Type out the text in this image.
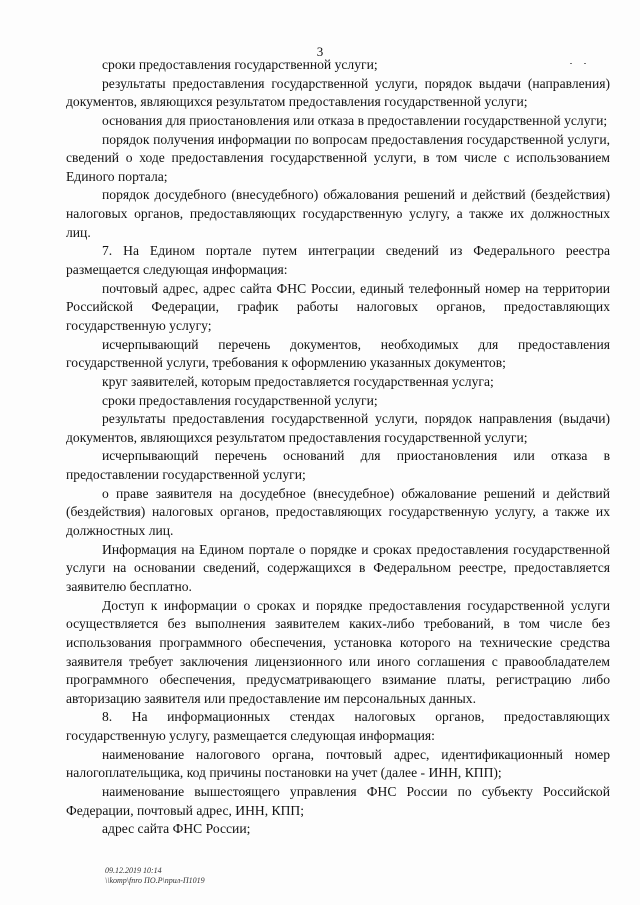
3

сроки предоставления государственной услуги;

результаты предоставления государственной услуги, порядок выдачи (направления) документов, являющихся результатом предоставления государственной услуги;

основания для приостановления или отказа в предоставлении государственной услуги;

порядок получения информации по вопросам предоставления государственной услуги, сведений о ходе предоставления государственной услуги, в том числе с использованием Единого портала;

порядок досудебного (внесудебного) обжалования решений и действий (бездействия) налоговых органов, предоставляющих государственную услугу, а также их должностных лиц.

7. На Едином портале путем интеграции сведений из Федерального реестра размещается следующая информация:

почтовый адрес, адрес сайта ФНС России, единый телефонный номер на территории Российской Федерации, график работы налоговых органов, предоставляющих государственную услугу;

исчерпывающий перечень документов, необходимых для предоставления государственной услуги, требования к оформлению указанных документов;

круг заявителей, которым предоставляется государственная услуга;

сроки предоставления государственной услуги;

результаты предоставления государственной услуги, порядок направления (выдачи) документов, являющихся результатом предоставления государственной услуги;

исчерпывающий перечень оснований для приостановления или отказа в предоставлении государственной услуги;

о праве заявителя на досудебное (внесудебное) обжалование решений и действий (бездействия) налоговых органов, предоставляющих государственную услугу, а также их должностных лиц.

Информация на Едином портале о порядке и сроках предоставления государственной услуги на основании сведений, содержащихся в Федеральном реестре, предоставляется заявителю бесплатно.

Доступ к информации о сроках и порядке предоставления государственной услуги осуществляется без выполнения заявителем каких-либо требований, в том числе без использования программного обеспечения, установка которого на технические средства заявителя требует заключения лицензионного или иного соглашения с правообладателем программного обеспечения, предусматривающего взимание платы, регистрацию либо авторизацию заявителя или предоставление им персональных данных.

8. На информационных стендах налоговых органов, предоставляющих государственную услугу, размещается следующая информация:

наименование налогового органа, почтовый адрес, идентификационный номер налогоплательщика, код причины постановки на учет (далее - ИНН, КПП);

наименование вышестоящего управления ФНС России по субъекту Российской Федерации, почтовый адрес, ИНН, КПП;

адрес сайта ФНС России;

09.12.2019 10:14
\\komp\fnro ПО.Р\прил-П1019
